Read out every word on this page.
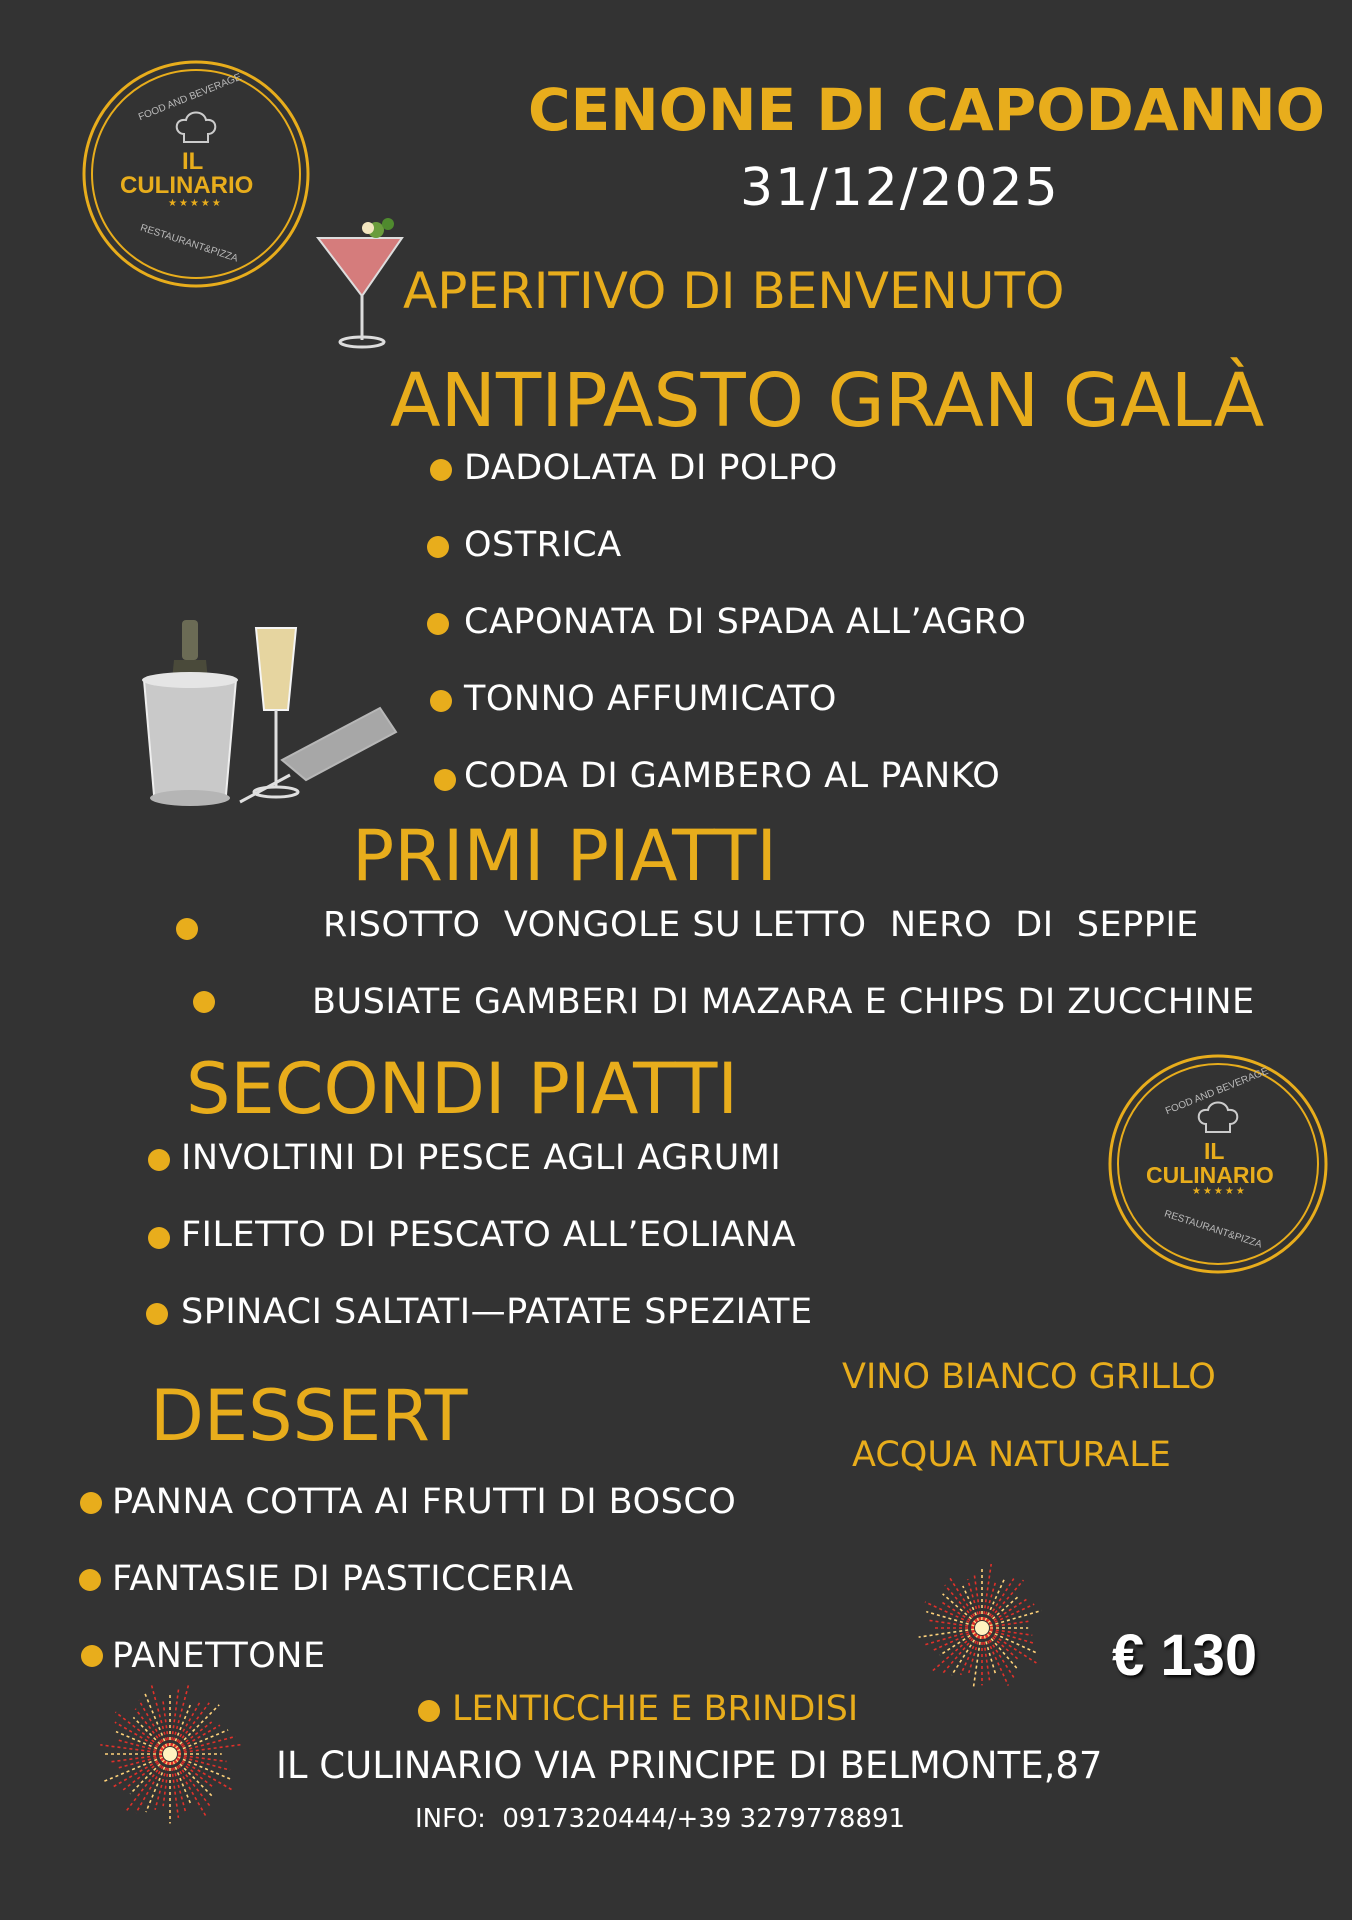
FOOD AND BEVERAGE
IL
CULINARIO
★★★★★
RESTAURANT&PIZZA
CENONE DI CAPODANNO
31/12/2025
APERITIVO DI BENVENUTO
ANTIPASTO GRAN GALÀ
DADOLATA DI POLPO
OSTRICA
CAPONATA DI SPADA ALL’AGRO
TONNO AFFUMICATO
CODA DI GAMBERO AL PANKO
PRIMI PIATTI
RISOTTO  VONGOLE SU LETTO  NERO  DI  SEPPIE
BUSIATE GAMBERI DI MAZARA E CHIPS DI ZUCCHINE
SECONDI PIATTI
INVOLTINI DI PESCE AGLI AGRUMI
FILETTO DI PESCATO ALL’EOLIANA
SPINACI SALTATI—PATATE SPEZIATE
FOOD AND BEVERAGE
IL
CULINARIO
★★★★★
RESTAURANT&PIZZA
VINO BIANCO GRILLO
ACQUA NATURALE
DESSERT
PANNA COTTA AI FRUTTI DI BOSCO
FANTASIE DI PASTICCERIA
PANETTONE	€ 130
LENTICCHIE E BRINDISI
IL CULINARIO VIA PRINCIPE DI BELMONTE,87
INFO:  0917320444/+39 3279778891
